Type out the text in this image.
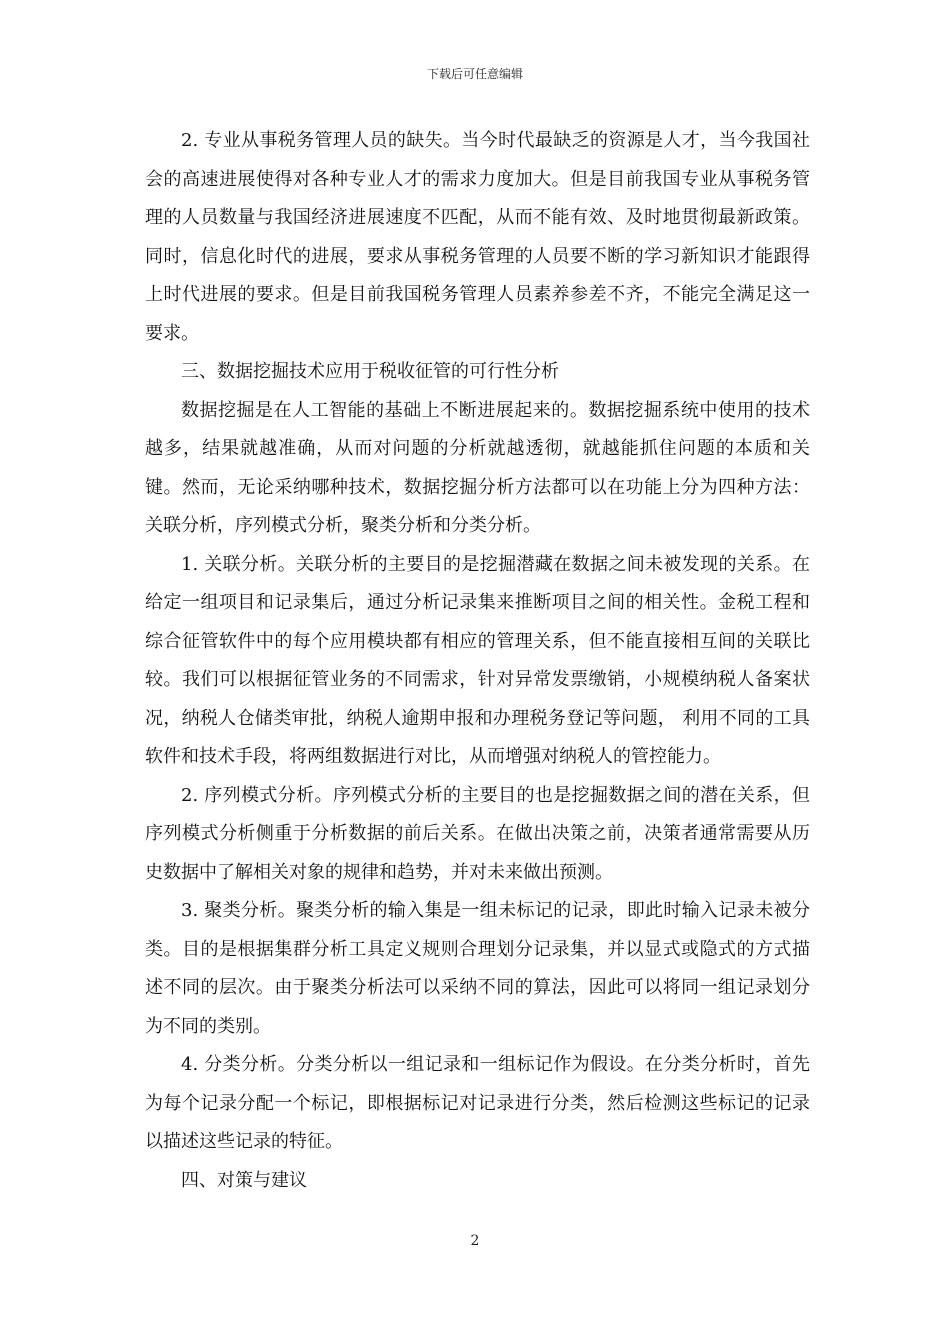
下载后可任意编辑

2. 专业从事税务管理人员的缺失。当今时代最缺乏的资源是人才，当今我国社会的高速进展使得对各种专业人才的需求力度加大。但是目前我国专业从事税务管理的人员数量与我国经济进展速度不匹配，从而不能有效、及时地贯彻最新政策。同时，信息化时代的进展，要求从事税务管理的人员要不断的学习新知识才能跟得上时代进展的要求。但是目前我国税务管理人员素养参差不齐，不能完全满足这一要求。

三、数据挖掘技术应用于税收征管的可行性分析

数据挖掘是在人工智能的基础上不断进展起来的。数据挖掘系统中使用的技术越多，结果就越准确，从而对问题的分析就越透彻，就越能抓住问题的本质和关键。然而，无论采纳哪种技术，数据挖掘分析方法都可以在功能上分为四种方法：关联分析，序列模式分析，聚类分析和分类分析。

1. 关联分析。关联分析的主要目的是挖掘潜藏在数据之间未被发现的关系。在给定一组项目和记录集后，通过分析记录集来推断项目之间的相关性。金税工程和综合征管软件中的每个应用模块都有相应的管理关系，但不能直接相互间的关联比较。我们可以根据征管业务的不同需求，针对异常发票缴销，小规模纳税人备案状况，纳税人仓储类审批，纳税人逾期申报和办理税务登记等问题， 利用不同的工具软件和技术手段，将两组数据进行对比，从而增强对纳税人的管控能力。

2. 序列模式分析。序列模式分析的主要目的也是挖掘数据之间的潜在关系，但序列模式分析侧重于分析数据的前后关系。在做出决策之前，决策者通常需要从历史数据中了解相关对象的规律和趋势，并对未来做出预测。

3. 聚类分析。聚类分析的输入集是一组未标记的记录，即此时输入记录未被分类。目的是根据集群分析工具定义规则合理划分记录集，并以显式或隐式的方式描述不同的层次。由于聚类分析法可以采纳不同的算法，因此可以将同一组记录划分为不同的类别。

4. 分类分析。分类分析以一组记录和一组标记作为假设。在分类分析时，首先为每个记录分配一个标记，即根据标记对记录进行分类，然后检测这些标记的记录以描述这些记录的特征。

四、对策与建议

2
